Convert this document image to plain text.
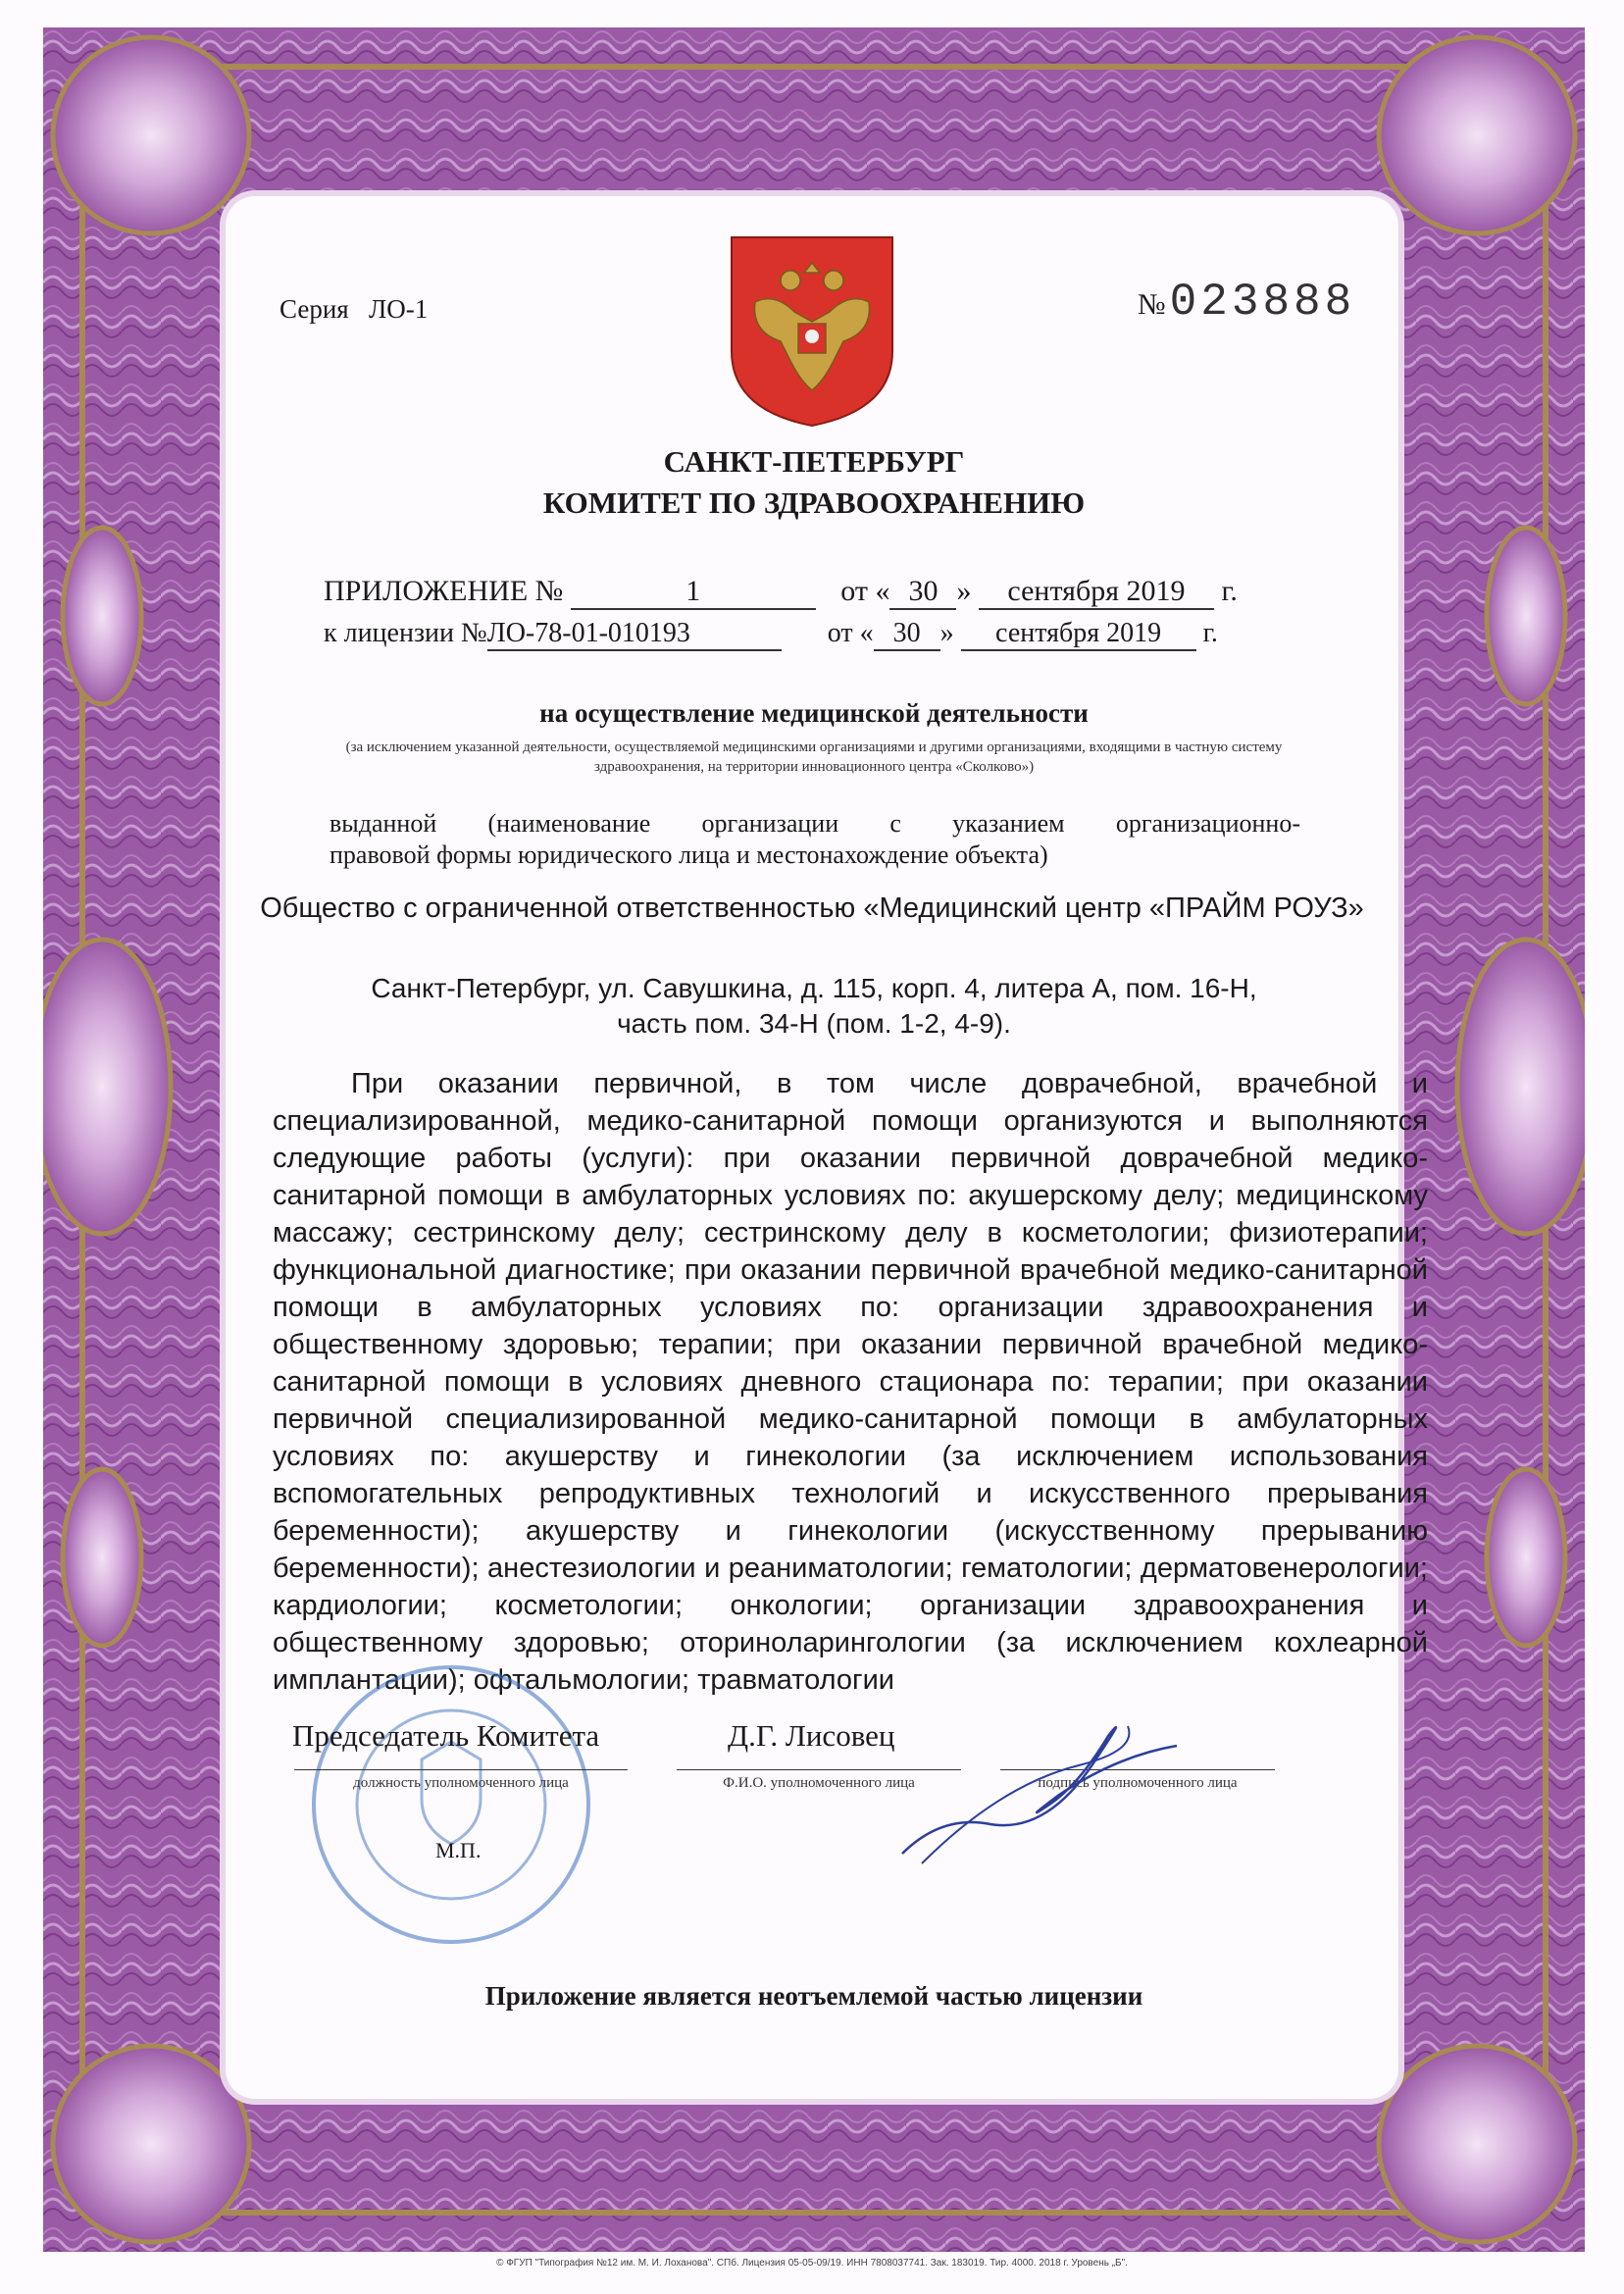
Серия ЛО-1	№ 023888
САНКТ-ПЕТЕРБУРГ
КОМИТЕТ ПО ЗДРАВООХРАНЕНИЮ
ПРИЛОЖЕНИЕ №	1	от « 30 » сентября 2019 г.
к лицензии №ЛО-78-01-010193	от « 30 » сентября 2019 г.
на осуществление медицинской деятельности
(за исключением указанной деятельности, осуществляемой медицинскими организациями и другими организациями, входящими в частную систему здравоохранения, на территории инновационного центра «Сколково»)
выданной (наименование организации с указанием организационно-
правовой формы юридического лица и местонахождение объекта)
Общество с ограниченной ответственностью «Медицинский центр «ПРАЙМ РОУЗ»
Санкт-Петербург, ул. Савушкина, д. 115, корп. 4, литера А, пом. 16-Н,
часть пом. 34-Н (пом. 1-2, 4-9).
При оказании первичной, в том числе доврачебной, врачебной и специализированной, медико-санитарной помощи организуются и выполняются следующие работы (услуги): при оказании первичной доврачебной медико-санитарной помощи в амбулаторных условиях по: акушерскому делу; медицинскому массажу; сестринскому делу; сестринскому делу в косметологии; физиотерапии; функциональной диагностике; при оказании первичной врачебной медико-санитарной помощи в амбулаторных условиях по: организации здравоохранения и общественному здоровью; терапии; при оказании первичной врачебной медико-санитарной помощи в условиях дневного стационара по: терапии; при оказании первичной специализированной медико-санитарной помощи в амбулаторных условиях по: акушерству и гинекологии (за исключением использования вспомогательных репродуктивных технологий и искусственного прерывания беременности); акушерству и гинекологии (искусственному прерыванию беременности); анестезиологии и реаниматологии; гематологии; дерматовенерологии; кардиологии; косметологии; онкологии; организации здравоохранения и общественному здоровью; оториноларингологии (за исключением кохлеарной имплантации); офтальмологии; травматологии
Председатель Комитета	Д.Г. Лисовец
должность уполномоченного лица	Ф.И.О. уполномоченного лица	подпись уполномоченного лица
М.П.
Приложение является неотъемлемой частью лицензии
© ФГУП "Типография №12 им. М. И. Лоханова". СПб. Лицензия 05-05-09/19. ИНН 7808037741. Зак. 183019. Тир. 4000. 2018 г. Уровень „Б".
